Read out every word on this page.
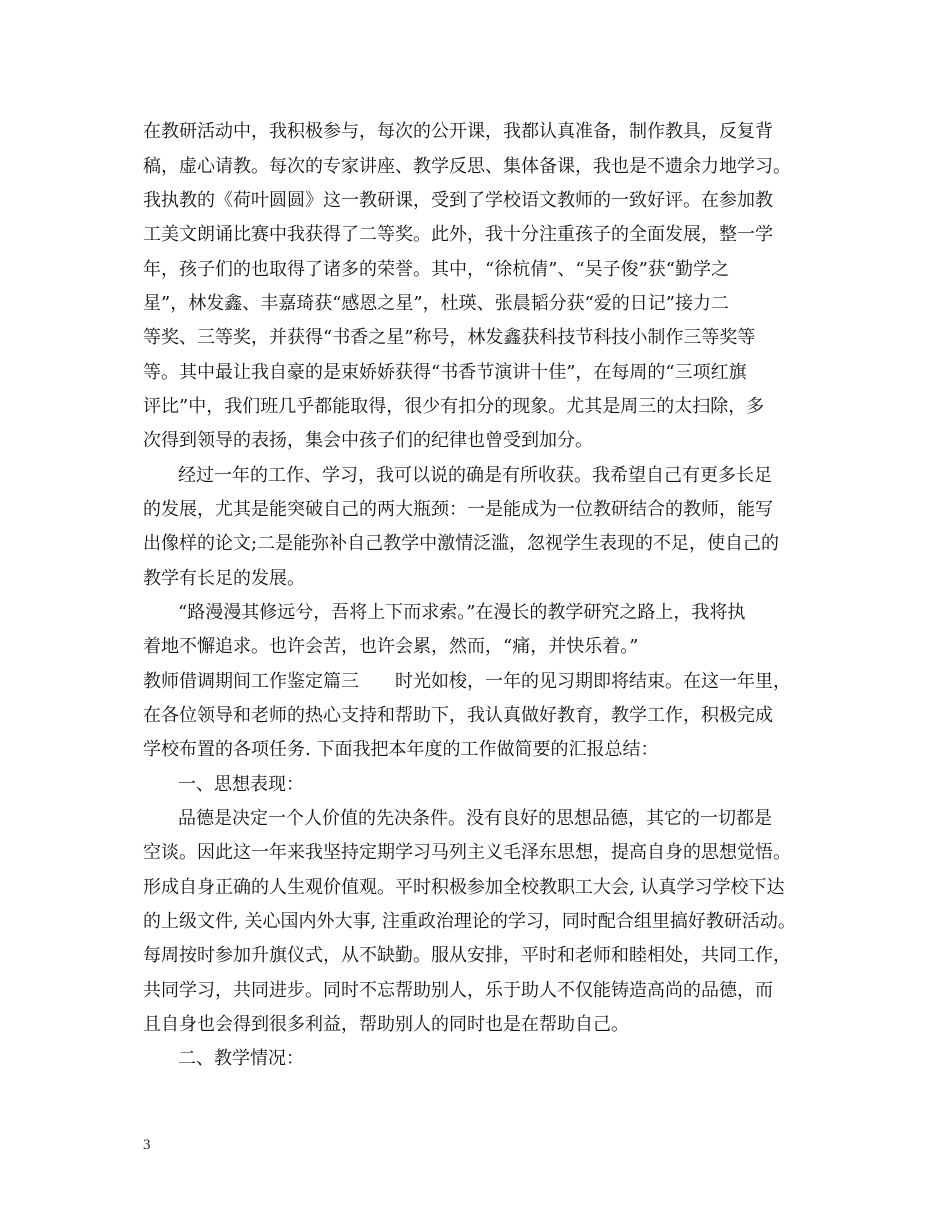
在教研活动中，我积极参与，每次的公开课，我都认真准备，制作教具，反复背
稿，虚心请教。每次的专家讲座、教学反思、集体备课，我也是不遗余力地学习。
我执教的《荷叶圆圆》这一教研课，受到了学校语文教师的一致好评。在参加教
工美文朗诵比赛中我获得了二等奖。此外，我十分注重孩子的全面发展，整一学
年，孩子们的也取得了诸多的荣誉。其中，“徐杭倩”、“吴子俊”获“勤学之
星”，林发鑫、丰嘉琦获“感恩之星”，杜瑛、张晨韬分获“爱的日记”接力二
等奖、三等奖，并获得“书香之星”称号，林发鑫获科技节科技小制作三等奖等
等。其中最让我自豪的是束娇娇获得“书香节演讲十佳”，在每周的“三项红旗
评比”中，我们班几乎都能取得，很少有扣分的现象。尤其是周三的太扫除，多
次得到领导的表扬，集会中孩子们的纪律也曾受到加分。
经过一年的工作、学习，我可以说的确是有所收获。我希望自己有更多长足
的发展，尤其是能突破自己的两大瓶颈：一是能成为一位教研结合的教师，能写
出像样的论文;二是能弥补自己教学中激情泛滥，忽视学生表现的不足，使自己的
教学有长足的发展。
“路漫漫其修远兮，吾将上下而求索。”在漫长的教学研究之路上，我将执
着地不懈追求。也许会苦，也许会累，然而，“痛，并快乐着。”
教师借调期间工作鉴定篇三 时光如梭，一年的见习期即将结束。在这一年里，
在各位领导和老师的热心支持和帮助下，我认真做好教育，教学工作，积极完成
学校布置的各项任务. 下面我把本年度的工作做简要的汇报总结：
一、思想表现：
品德是决定一个人价值的先决条件。没有良好的思想品德，其它的一切都是
空谈。因此这一年来我坚持定期学习马列主义毛泽东思想，提高自身的思想觉悟。
形成自身正确的人生观价值观。平时积极参加全校教职工大会, 认真学习学校下达
的上级文件, 关心国内外大事, 注重政治理论的学习，同时配合组里搞好教研活动。
每周按时参加升旗仪式，从不缺勤。服从安排，平时和老师和睦相处，共同工作，
共同学习，共同进步。同时不忘帮助别人，乐于助人不仅能铸造高尚的品德，而
且自身也会得到很多利益，帮助别人的同时也是在帮助自己。
二、教学情况：
3
